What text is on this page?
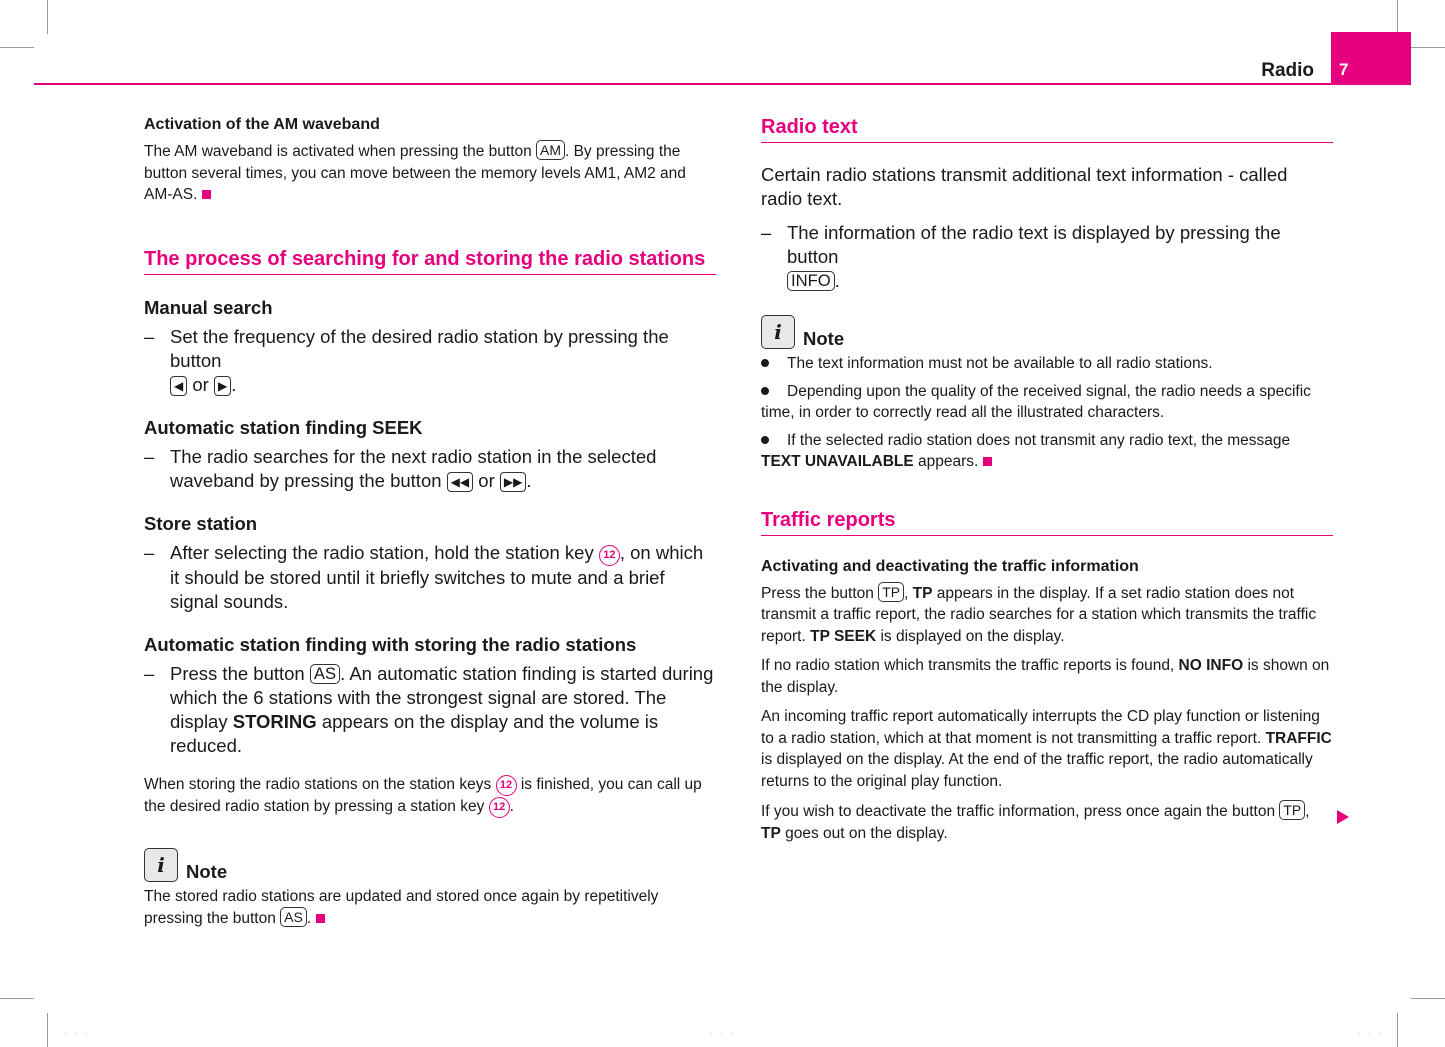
. . .	. . .	. . .
Radio 7
Activation of the AM waveband

The AM waveband is activated when pressing the button AM . By pressing the button several times, you can move between the memory levels AM1, AM2 and AM-AS.

The process of searching for and storing the radio stations
Manual search
– Set the frequency of the desired radio station by pressing the button
◀ or ▶ .
Automatic station finding SEEK
– The radio searches for the next radio station in the selected waveband by pressing the button ◀◀ or ▶▶ .
Store station
– After selecting the radio station, hold the station key 12 , on which it should be stored until it briefly switches to mute and a brief signal sounds.
Automatic station finding with storing the radio stations
– Press the button AS . An automatic station finding is started during which the 6 stations with the strongest signal are stored. The display STORING appears on the display and the volume is reduced.

When storing the radio stations on the station keys 12 is finished, you can call up the desired radio station by pressing a station key 12 .

i	Note

The stored radio stations are updated and stored once again by repetitively pressing the button AS .

Radio text

Certain radio stations transmit additional text information - called radio text.

– The information of the radio text is displayed by pressing the button
INFO .
i	Note
The text information must not be available to all radio stations.
Depending upon the quality of the received signal, the radio needs a specific time, in order to correctly read all the illustrated characters.
If the selected radio station does not transmit any radio text, the message TEXT UNAVAILABLE appears.
Traffic reports
Activating and deactivating the traffic information

Press the button TP , TP appears in the display. If a set radio station does not transmit a traffic report, the radio searches for a station which transmits the traffic report. TP SEEK is displayed on the display.

If no radio station which transmits the traffic reports is found, NO INFO is shown on the display.

An incoming traffic report automatically interrupts the CD play function or listening to a radio station, which at that moment is not transmitting a traffic report. TRAFFIC is displayed on the display. At the end of the traffic report, the radio automatically returns to the original play function.

If you wish to deactivate the traffic information, press once again the button TP , TP goes out on the display.
